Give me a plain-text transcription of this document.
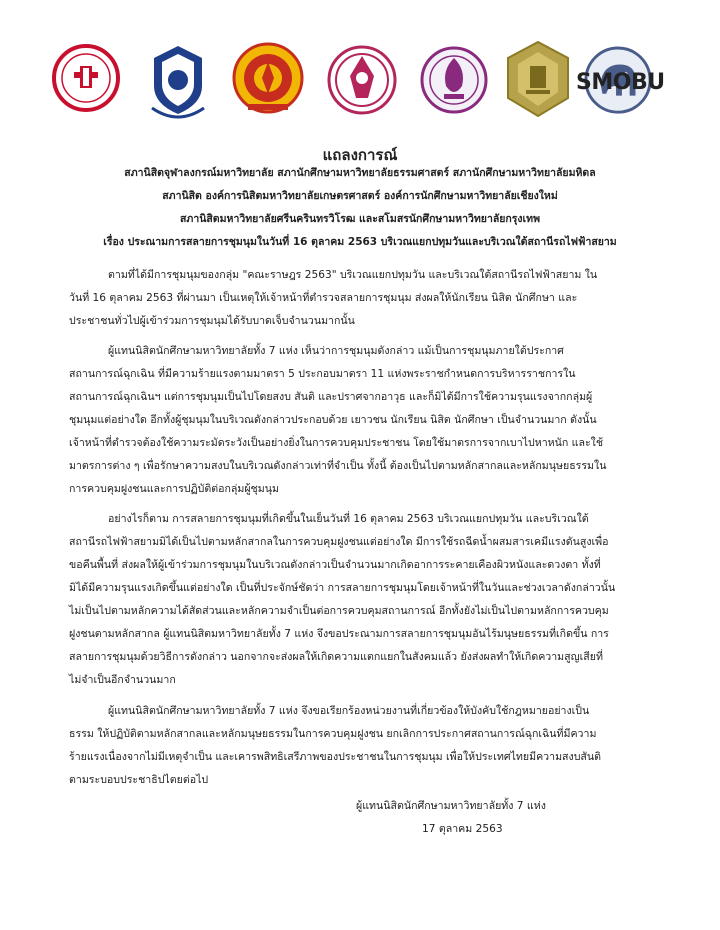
SMOBU
แถลงการณ์
สภานิสิตจุฬาลงกรณ์มหาวิทยาลัย สภานักศึกษามหาวิทยาลัยธรรมศาสตร์ สภานักศึกษามหาวิทยาลัยมหิดล
สภานิสิต องค์การนิสิตมหาวิทยาลัยเกษตรศาสตร์ องค์การนักศึกษามหาวิทยาลัยเชียงใหม่
สภานิสิตมหาวิทยาลัยศรีนครินทรวิโรฒ และสโมสรนักศึกษามหาวิทยาลัยกรุงเทพ
เรื่อง ประณามการสลายการชุมนุมในวันที่ 16 ตุลาคม 2563 บริเวณแยกปทุมวันและบริเวณใต้สถานีรถไฟฟ้าสยาม
ตามที่ได้มีการชุมนุมของกลุ่ม "คณะราษฎร 2563" บริเวณแยกปทุมวัน และบริเวณใต้สถานีรถไฟฟ้าสยาม ใน
วันที่ 16 ตุลาคม 2563 ที่ผ่านมา เป็นเหตุให้เจ้าหน้าที่ตำรวจสลายการชุมนุม ส่งผลให้นักเรียน นิสิต นักศึกษา และ
ประชาชนทั่วไปผู้เข้าร่วมการชุมนุมได้รับบาดเจ็บจำนวนมากนั้น
ผู้แทนนิสิตนักศึกษามหาวิทยาลัยทั้ง 7 แห่ง เห็นว่าการชุมนุมดังกล่าว แม้เป็นการชุมนุมภายใต้ประกาศ
สถานการณ์ฉุกเฉิน ที่มีความร้ายแรงตามมาตรา 5 ประกอบมาตรา 11 แห่งพระราชกำหนดการบริหารราชการใน
สถานการณ์ฉุกเฉินฯ แต่การชุมนุมเป็นไปโดยสงบ สันติ และปราศจากอาวุธ และก็มิได้มีการใช้ความรุนแรงจากกลุ่มผู้
ชุมนุมแต่อย่างใด อีกทั้งผู้ชุมนุมในบริเวณดังกล่าวประกอบด้วย เยาวชน นักเรียน นิสิต นักศึกษา เป็นจำนวนมาก ดังนั้น
เจ้าหน้าที่ตำรวจต้องใช้ความระมัดระวังเป็นอย่างยิ่งในการควบคุมประชาชน โดยใช้มาตรการจากเบาไปหาหนัก และใช้
มาตรการต่าง ๆ เพื่อรักษาความสงบในบริเวณดังกล่าวเท่าที่จำเป็น ทั้งนี้ ต้องเป็นไปตามหลักสากลและหลักมนุษยธรรมใน
การควบคุมฝูงชนและการปฏิบัติต่อกลุ่มผู้ชุมนุม
อย่างไรก็ตาม การสลายการชุมนุมที่เกิดขึ้นในเย็นวันที่ 16 ตุลาคม 2563 บริเวณแยกปทุมวัน และบริเวณใต้
สถานีรถไฟฟ้าสยามมิได้เป็นไปตามหลักสากลในการควบคุมฝูงชนแต่อย่างใด มีการใช้รถฉีดน้ำผสมสารเคมีแรงดันสูงเพื่อ
ขอคืนพื้นที่ ส่งผลให้ผู้เข้าร่วมการชุมนุมในบริเวณดังกล่าวเป็นจำนวนมากเกิดอาการระคายเคืองผิวหนังและดวงตา ทั้งที่
มิได้มีความรุนแรงเกิดขึ้นแต่อย่างใด เป็นที่ประจักษ์ชัดว่า การสลายการชุมนุมโดยเจ้าหน้าที่ในวันและช่วงเวลาดังกล่าวนั้น
ไม่เป็นไปตามหลักความได้สัดส่วนและหลักความจำเป็นต่อการควบคุมสถานการณ์ อีกทั้งยังไม่เป็นไปตามหลักการควบคุม
ฝูงชนตามหลักสากล ผู้แทนนิสิตมหาวิทยาลัยทั้ง 7 แห่ง จึงขอประณามการสลายการชุมนุมอันไร้มนุษยธรรมที่เกิดขึ้น การ
สลายการชุมนุมด้วยวิธีการดังกล่าว นอกจากจะส่งผลให้เกิดความแตกแยกในสังคมแล้ว ยังส่งผลทำให้เกิดความสูญเสียที่
ไม่จำเป็นอีกจำนวนมาก
ผู้แทนนิสิตนักศึกษามหาวิทยาลัยทั้ง 7 แห่ง จึงขอเรียกร้องหน่วยงานที่เกี่ยวข้องให้บังคับใช้กฎหมายอย่างเป็น
ธรรม ให้ปฏิบัติตามหลักสากลและหลักมนุษยธรรมในการควบคุมฝูงชน ยกเลิกการประกาศสถานการณ์ฉุกเฉินที่มีความ
ร้ายแรงเนื่องจากไม่มีเหตุจำเป็น และเคารพสิทธิเสรีภาพของประชาชนในการชุมนุม เพื่อให้ประเทศไทยมีความสงบสันติ
ตามระบอบประชาธิปไตยต่อไป
ผู้แทนนิสิตนักศึกษามหาวิทยาลัยทั้ง 7 แห่ง
17 ตุลาคม 2563
